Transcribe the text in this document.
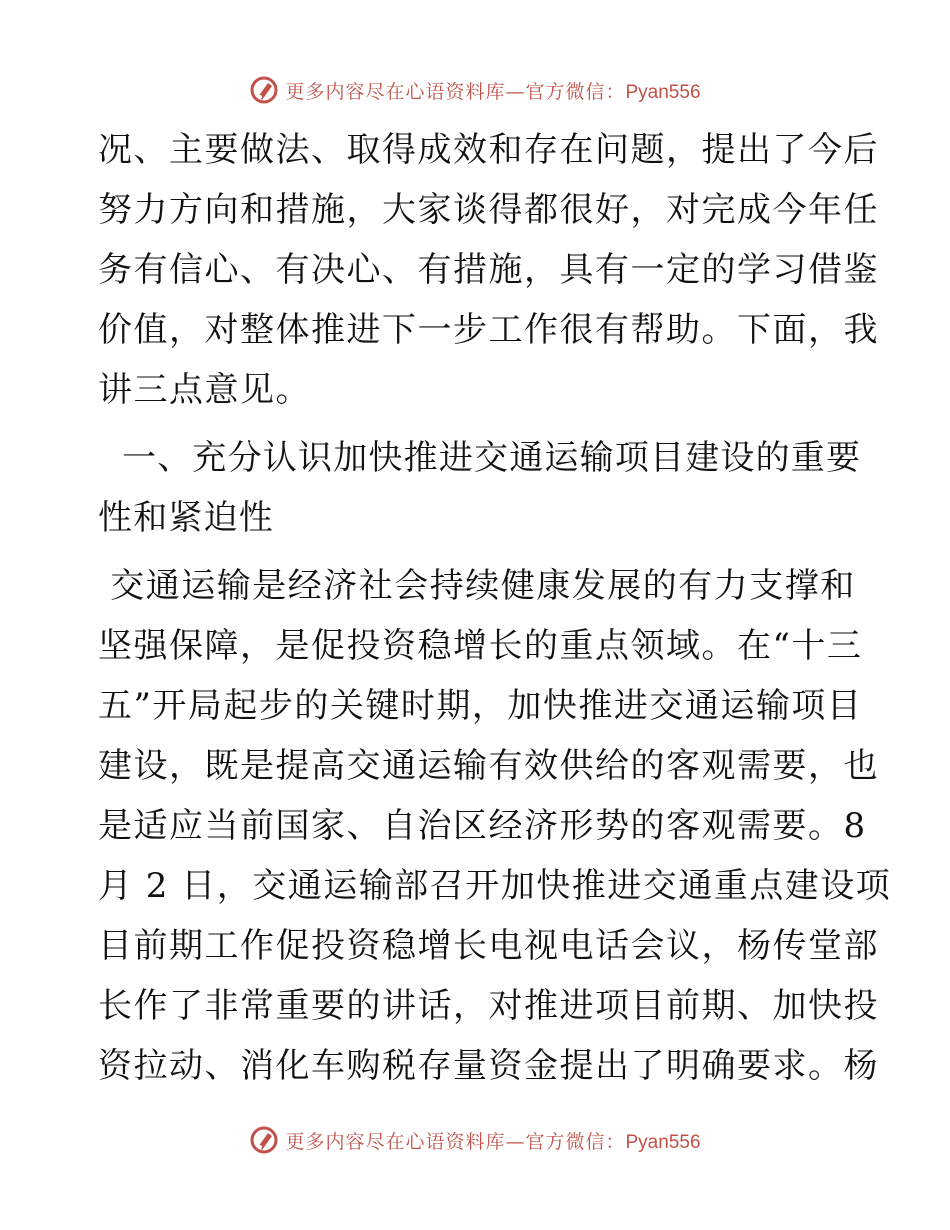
更多内容尽在心语资料库—官方微信：Pyan556
况、主要做法、取得成效和存在问题，提出了今后
努力方向和措施，大家谈得都很好，对完成今年任
务有信心、有决心、有措施，具有一定的学习借鉴
价值，对整体推进下一步工作很有帮助。下面，我
讲三点意见。
一、充分认识加快推进交通运输项目建设的重要
性和紧迫性
交通运输是经济社会持续健康发展的有力支撑和
坚强保障，是促投资稳增长的重点领域。在“十三
五”开局起步的关键时期，加快推进交通运输项目
建设，既是提高交通运输有效供给的客观需要，也
是适应当前国家、自治区经济形势的客观需要。8
月 2 日，交通运输部召开加快推进交通重点建设项
目前期工作促投资稳增长电视电话会议，杨传堂部
长作了非常重要的讲话，对推进项目前期、加快投
资拉动、消化车购税存量资金提出了明确要求。杨
更多内容尽在心语资料库—官方微信：Pyan556
